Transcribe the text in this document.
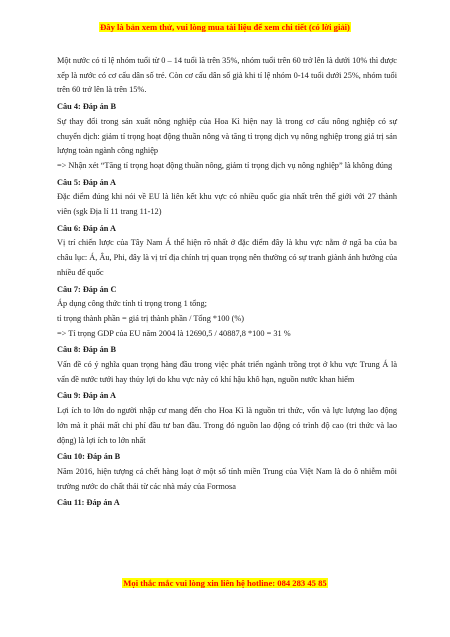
Đây là bản xem thử, vui lòng mua tài liệu để xem chi tiết (có lời giải)

Một nước có tỉ lệ nhóm tuổi từ 0 – 14 tuổi là trên 35%, nhóm tuổi trên 60 trở lên là dưới 10% thì được xếp là nước có cơ cấu dân số trẻ. Còn cơ cấu dân số già khi tỉ lệ nhóm 0-14 tuổi dưới 25%, nhóm tuổi trên 60 trở lên là trên 15%.

Câu 4: Đáp án B

Sự thay đổi trong sản xuất nông nghiệp của Hoa Kì hiện nay là trong cơ cấu nông nghiệp có sự chuyển dịch: giảm tỉ trọng hoạt động thuần nông và tăng tỉ trọng dịch vụ nông nghiệp trong giá trị sản lượng toàn ngành công nghiệp

=> Nhận xét “Tăng tỉ trọng hoạt động thuần nông, giảm tỉ trọng dịch vụ nông nghiệp” là không đúng

Câu 5: Đáp án A

Đặc điểm đúng khi nói về EU là liên kết khu vực có nhiều quốc gia nhất trên thế giới với 27 thành viên (sgk Địa lí 11 trang 11-12)

Câu 6: Đáp án A

Vị trí chiến lược của Tây Nam Á thể hiện rõ nhất ở đặc điểm đây là khu vực nằm ở ngã ba của ba châu lục: Á, Âu, Phi, đây là vị trí địa chính trị quan trọng nên thường có sự tranh giành ảnh hưởng của nhiều đế quốc

Câu 7: Đáp án C

Áp dụng công thức tính tỉ trọng trong 1 tổng;

tỉ trọng thành phần = giá trị thành phần / Tổng *100 (%)

=> Tỉ trọng GDP của EU năm 2004 là 12690,5 / 40887,8 *100 = 31 %

Câu 8: Đáp án B

Vấn đề có ý nghĩa quan trọng hàng đầu trong việc phát triển ngành trồng trọt ở khu vực Trung Á là vấn đề nước tưới hay thủy lợi do khu vực này có khí hậu khô hạn, nguồn nước khan hiếm

Câu 9: Đáp án A

Lợi ích to lớn do người nhập cư mang đến cho Hoa Kì là nguồn tri thức, vốn và lực lượng lao động lớn mà ít phải mất chi phí đầu tư ban đầu. Trong đó nguồn lao động có trình độ cao (tri thức và lao động) là lợi ích to lớn nhất

Câu 10: Đáp án B

Năm 2016, hiện tượng cá chết hàng loạt ở một số tỉnh miền Trung của Việt Nam là do ô nhiễm môi trường nước do chất thải từ các nhà máy của Formosa

Câu 11: Đáp án A

Mọi thắc mắc vui lòng xin liên hệ hotline: 084 283 45 85
